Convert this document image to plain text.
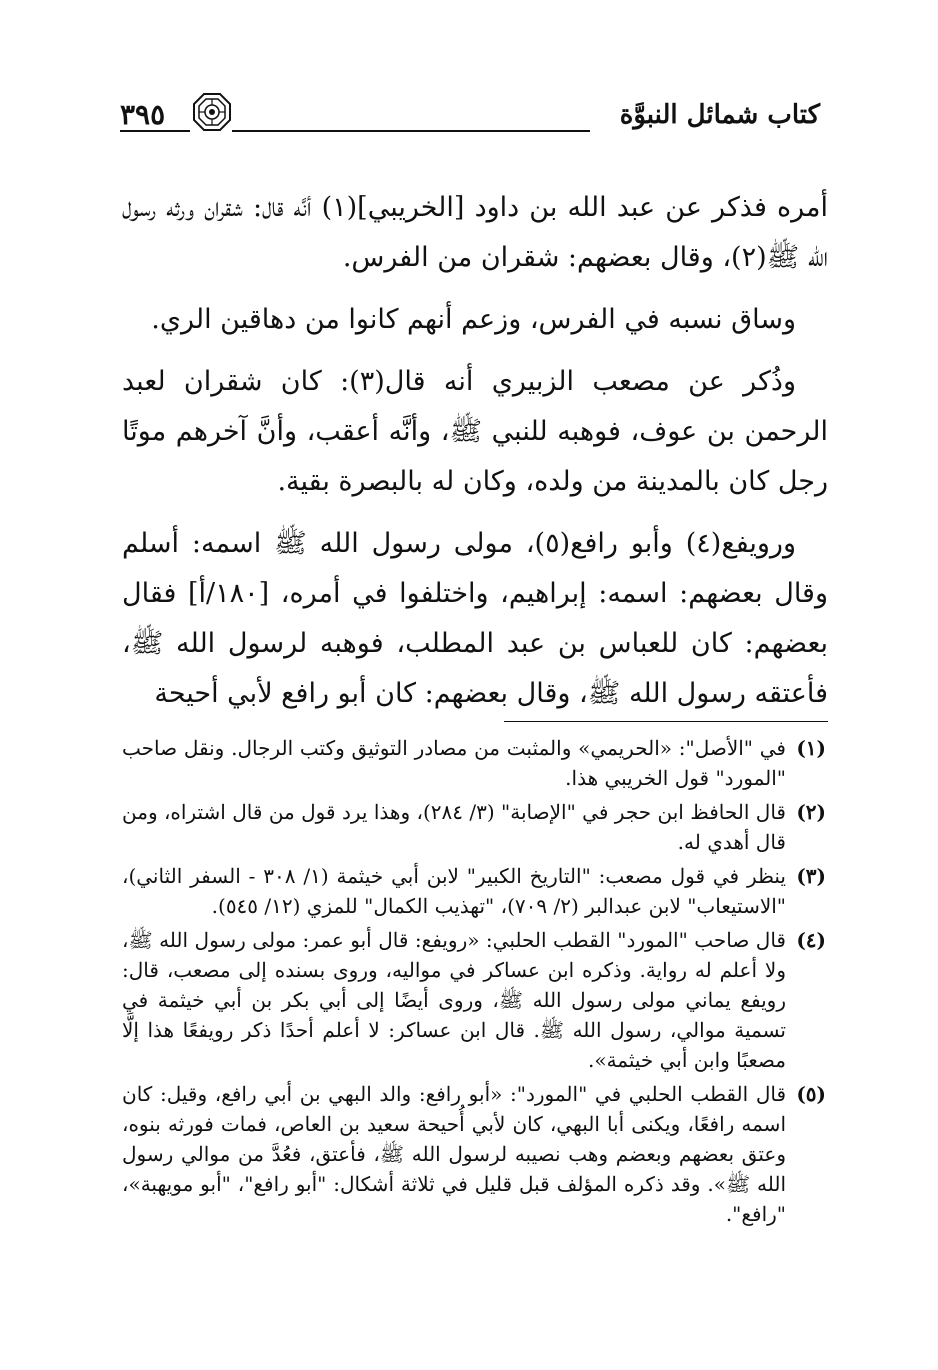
كتاب شمائل النبوَّة
٣٩٥

أمره فذكر عن عبد الله بن داود [الخريبي](١) أنَّه قال: شقران ورثه رسول الله ﷺ(٢)، وقال بعضهم: شقران من الفرس.

وساق نسبه في الفرس، وزعم أنهم كانوا من دهاقين الري.

وذُكر عن مصعب الزبيري أنه قال(٣): كان شقران لعبد الرحمن بن عوف، فوهبه للنبي ﷺ، وأنَّه أعقب، وأنَّ آخرهم موتًا رجل كان بالمدينة من ولده، وكان له بالبصرة بقية.

ورويفع(٤) وأبو رافع(٥)، مولى رسول الله ﷺ اسمه: أسلم وقال بعضهم: اسمه: إبراهيم، واختلفوا في أمره، [١٨٠/أ] فقال بعضهم: كان للعباس بن عبد المطلب، فوهبه لرسول الله ﷺ، فأعتقه رسول الله ﷺ، وقال بعضهم: كان أبو رافع لأبي أحيحة

(١)
في "الأصل": «الحريمي» والمثبت من مصادر التوثيق وكتب الرجال. ونقل صاحب "المورد" قول الخريبي هذا.
(٢)
قال الحافظ ابن حجر في "الإصابة" (٣/ ٢٨٤)، وهذا يرد قول من قال اشتراه، ومن قال أهدي له.
(٣)
ينظر في قول مصعب: "التاريخ الكبير" لابن أبي خيثمة (١/ ٣٠٨ - السفر الثاني)، "الاستيعاب" لابن عبدالبر (٢/ ٧٠٩)، "تهذيب الكمال" للمزي (١٢/ ٥٤٥).
(٤)
قال صاحب "المورد" القطب الحلبي: «رويفع: قال أبو عمر: مولى رسول الله ﷺ، ولا أعلم له رواية. وذكره ابن عساكر في مواليه، وروى بسنده إلى مصعب، قال: رويفع يماني مولى رسول الله ﷺ، وروى أيضًا إلى أبي بكر بن أبي خيثمة في تسمية موالي، رسول الله ﷺ. قال ابن عساكر: لا أعلم أحدًا ذكر رويفعًا هذا إلَّا مصعبًا وابن أبي خيثمة».
(٥)
قال القطب الحلبي في "المورد": «أبو رافع: والد البهي بن أبي رافع، وقيل: كان اسمه رافعًا، ويكنى أبا البهي، كان لأبي أُحيحة سعيد بن العاص، فمات فورثه بنوه، وعتق بعضهم وبعضم وهب نصيبه لرسول الله ﷺ، فأعتق، فعُدَّ من موالي رسول الله ﷺ». وقد ذكره المؤلف قبل قليل في ثلاثة أشكال: "أبو رافع"، "أبو مويهبة»، "رافع".
